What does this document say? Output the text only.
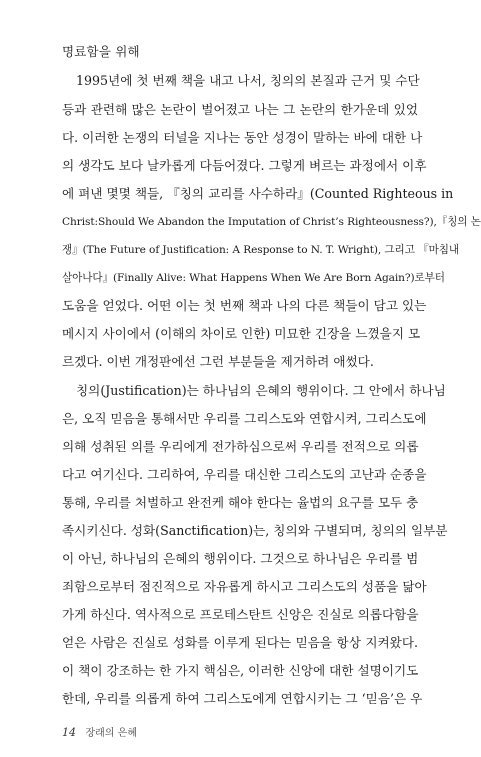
명료함을 위해
1995년에 첫 번째 책을 내고 나서, 칭의의 본질과 근거 및 수단
등과 관련해 많은 논란이 벌어졌고 나는 그 논란의 한가운데 있었
다. 이러한 논쟁의 터널을 지나는 동안 성경이 말하는 바에 대한 나
의 생각도 보다 날카롭게 다듬어졌다. 그렇게 벼르는 과정에서 이후
에 펴낸 몇몇 책들, 『칭의 교리를 사수하라』(Counted Righteous in
Christ:Should We Abandon the Imputation of Christ’s Righteousness?),『칭의 논
쟁』(The Future of Justification: A Response to N. T. Wright), 그리고 『마침내
살아나다』(Finally Alive: What Happens When We Are Born Again?)로부터
도움을 얻었다. 어떤 이는 첫 번째 책과 나의 다른 책들이 담고 있는
메시지 사이에서 (이해의 차이로 인한) 미묘한 긴장을 느꼈을지 모
르겠다. 이번 개정판에선 그런 부분들을 제거하려 애썼다.
칭의(Justification)는 하나님의 은혜의 행위이다. 그 안에서 하나님
은, 오직 믿음을 통해서만 우리를 그리스도와 연합시켜, 그리스도에
의해 성취된 의를 우리에게 전가하심으로써 우리를 전적으로 의롭
다고 여기신다. 그리하여, 우리를 대신한 그리스도의 고난과 순종을
통해, 우리를 처벌하고 완전케 해야 한다는 율법의 요구를 모두 충
족시키신다. 성화(Sanctification)는, 칭의와 구별되며, 칭의의 일부분
이 아닌, 하나님의 은혜의 행위이다. 그것으로 하나님은 우리를 범
죄함으로부터 점진적으로 자유롭게 하시고 그리스도의 성품을 닮아
가게 하신다. 역사적으로 프로테스탄트 신앙은 진실로 의롭다함을
얻은 사람은 진실로 성화를 이루게 된다는 믿음을 항상 지켜왔다.
이 책이 강조하는 한 가지 핵심은, 이러한 신앙에 대한 설명이기도
한데, 우리를 의롭게 하여 그리스도에게 연합시키는 그 ‘믿음’은 우
14 장래의 은혜
